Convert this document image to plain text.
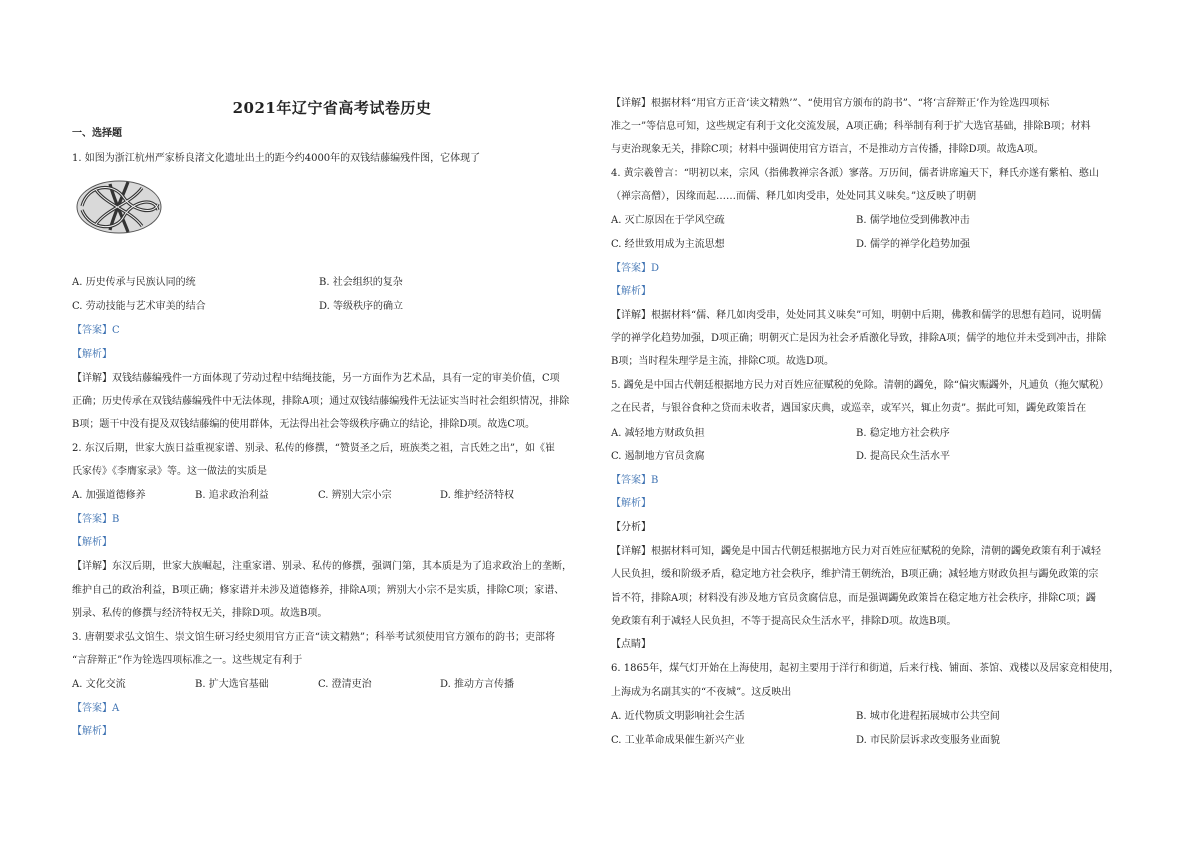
2021年辽宁省高考试卷历史
一、选择题
1. 如图为浙江杭州严家桥良渚文化遗址出土的距今约4000年的双钱结藤编残件图，它体现了
A. 历史传承与民族认同的统	B. 社会组织的复杂
C. 劳动技能与艺术审美的结合	D. 等级秩序的确立
【答案】C
【解析】
【详解】双钱结藤编残件一方面体现了劳动过程中结绳技能，另一方面作为艺术品，具有一定的审美价值，C项
正确；历史传承在双钱结藤编残件中无法体现，排除A项；通过双钱结藤编残件无法证实当时社会组织情况，排除
B项；题干中没有提及双钱结藤编的使用群体，无法得出社会等级秩序确立的结论，排除D项。故选C项。
2. 东汉后期，世家大族日益重视家谱、别录、私传的修撰，“赞贤圣之后，班族类之祖，言氏姓之出”，如《崔
氏家传》《李膺家录》等。这一做法的实质是
A. 加强道德修养	B. 追求政治利益	C. 辨别大宗小宗	D. 维护经济特权
【答案】B
【解析】
【详解】东汉后期，世家大族崛起，注重家谱、别录、私传的修撰，强调门第，其本质是为了追求政治上的垄断，
维护自己的政治利益，B项正确；修家谱并未涉及道德修养，排除A项；辨别大小宗不是实质，排除C项；家谱、
别录、私传的修撰与经济特权无关，排除D项。故选B项。
3. 唐朝要求弘文馆生、崇文馆生研习经史须用官方正音“读文精熟”；科举考试须使用官方颁布的韵书；吏部将
“言辞辩正”作为铨选四项标准之一。这些规定有利于
A. 文化交流	B. 扩大选官基础	C. 澄清吏治	D. 推动方言传播
【答案】A
【解析】
【详解】根据材料“用官方正音‘读文精熟’”、“使用官方颁布的韵书”、“将‘言辞辩正’作为铨选四项标
准之一”等信息可知，这些规定有利于文化交流发展，A项正确；科举制有利于扩大选官基础，排除B项；材料
与吏治现象无关，排除C项；材料中强调使用官方语言，不是推动方言传播，排除D项。故选A项。
4. 黄宗羲曾言：“明初以来，宗风（指佛教禅宗各派）寥落。万历间，儒者讲席遍天下，释氏亦遂有紫柏、憨山
（禅宗高僧），因缘而起……而儒、释几如肉受串，处处同其义味矣。”这反映了明朝
A. 灭亡原因在于学风空疏	B. 儒学地位受到佛教冲击
C. 经世致用成为主流思想	D. 儒学的禅学化趋势加强
【答案】D
【解析】
【详解】根据材料“儒、释几如肉受串，处处同其义味矣”可知，明朝中后期，佛教和儒学的思想有趋同，说明儒
学的禅学化趋势加强，D项正确；明朝灭亡是因为社会矛盾激化导致，排除A项；儒学的地位并未受到冲击，排除
B项；当时程朱理学是主流，排除C项。故选D项。
5. 蠲免是中国古代朝廷根据地方民力对百姓应征赋税的免除。清朝的蠲免，除“偏灾赈蠲外，凡逋负（拖欠赋税）
之在民者，与银谷食种之贷而未收者，遇国家庆典，或巡幸，或军兴，辄止勿责”。据此可知，蠲免政策旨在
A. 减轻地方财政负担	B. 稳定地方社会秩序
C. 遏制地方官员贪腐	D. 提高民众生活水平
【答案】B
【解析】
【分析】
【详解】根据材料可知，蠲免是中国古代朝廷根据地方民力对百姓应征赋税的免除，清朝的蠲免政策有利于减轻
人民负担，缓和阶级矛盾，稳定地方社会秩序，维护清王朝统治，B项正确；减轻地方财政负担与蠲免政策的宗
旨不符，排除A项；材料没有涉及地方官员贪腐信息，而是强调蠲免政策旨在稳定地方社会秩序，排除C项；蠲
免政策有利于减轻人民负担，不等于提高民众生活水平，排除D项。故选B项。
【点睛】
6. 1865年，煤气灯开始在上海使用，起初主要用于洋行和街道，后来行栈、铺面、茶馆、戏楼以及居家竞相使用，
上海成为名副其实的“不夜城”。这反映出
A. 近代物质文明影响社会生活	B. 城市化进程拓展城市公共空间
C. 工业革命成果催生新兴产业	D. 市民阶层诉求改变服务业面貌
